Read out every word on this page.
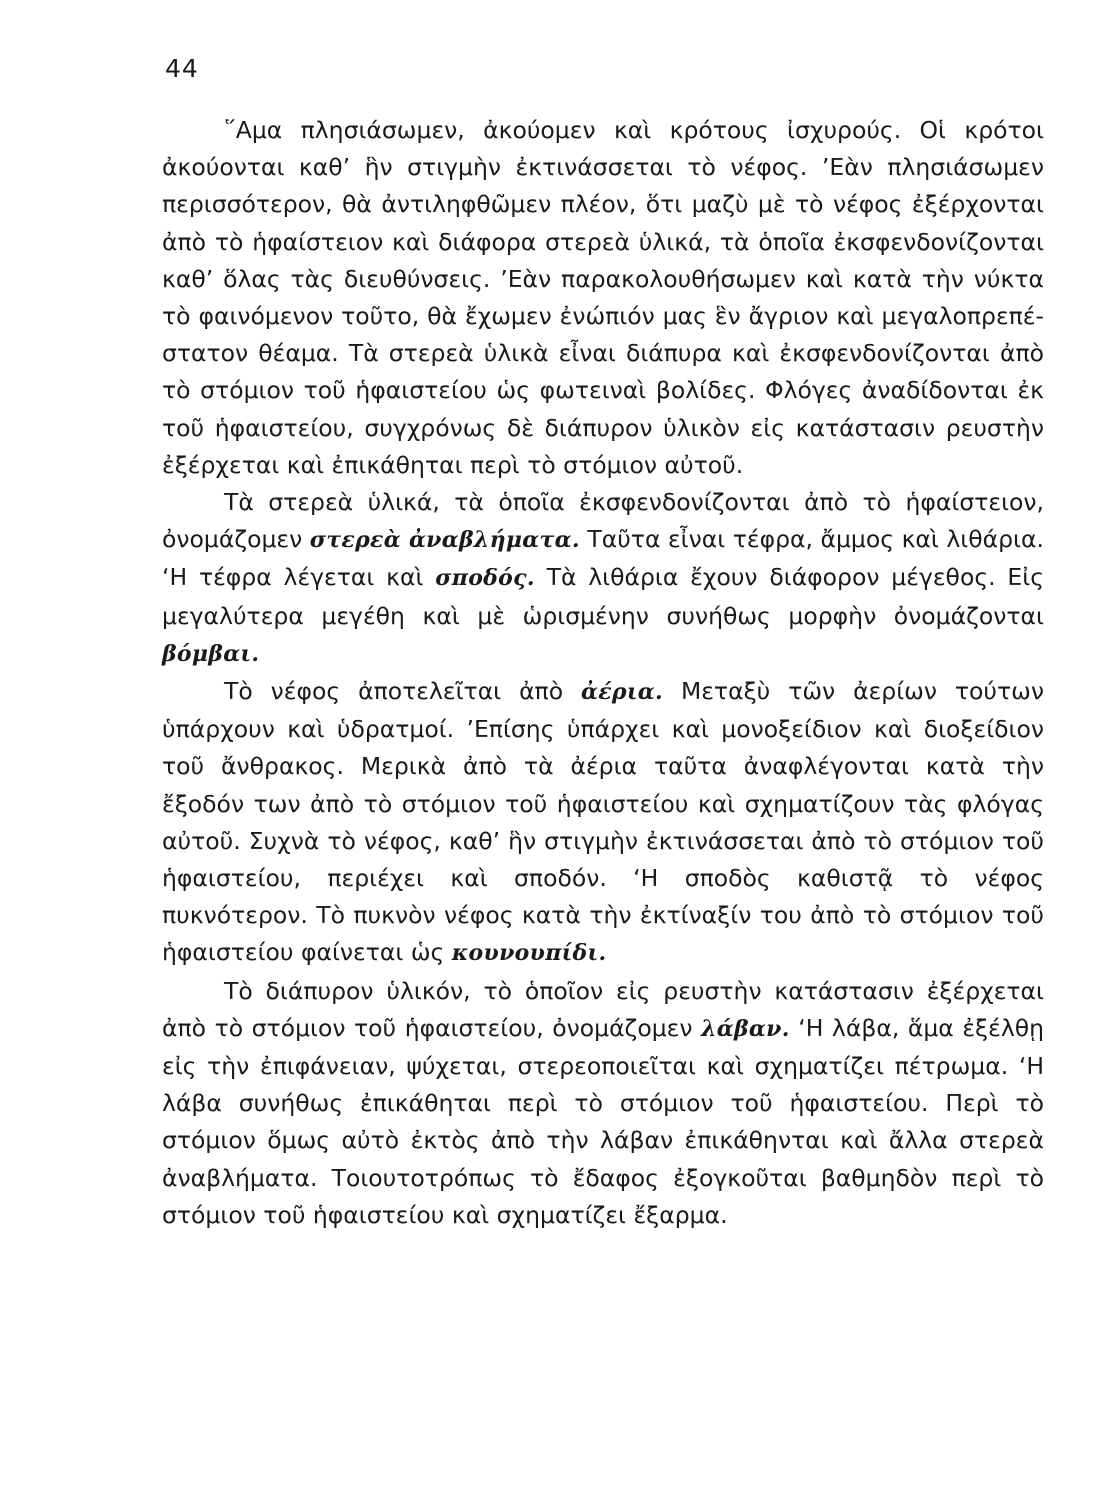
44

῞Αμα πλησιάσωμεν, ἀκούομεν καὶ κρότους ἰσχυρούς. Οἱ κρότοι ἀκούονται καθ’ ἣν στιγμὴν ἐκτινάσσεται τὸ νέφος. ’Εὰν πλησιάσωμεν περισσότερον, θὰ ἀντιληφθῶμεν πλέον, ὅτι μαζὺ μὲ τὸ νέφος ἐξέρχονται ἀπὸ τὸ ἡφαίστειον καὶ διάφορα στερεὰ ὑλικά, τὰ ὁποῖα ἐκσφενδονίζονται καθ’ ὅλας τὰς διευθύνσεις. ’Εὰν παρακολουθήσωμεν καὶ κατὰ τὴν νύκτα τὸ φαινόμενον τοῦτο, θὰ ἔχωμεν ἐνώπιόν μας ἓν ἄγριον καὶ μεγαλοπρεπέστατον θέαμα. Τὰ στερεὰ ὑλικὰ εἶναι διάπυρα καὶ ἐκσφενδονίζονται ἀπὸ τὸ στόμιον τοῦ ἡφαιστείου ὡς φωτειναὶ βολίδες. Φλόγες ἀναδίδονται ἐκ τοῦ ἡφαιστείου, συγχρόνως δὲ διάπυρον ὑλικὸν εἰς κατάστασιν ρευστὴν ἐξέρχεται καὶ ἐπικάθηται περὶ τὸ στόμιον αὐτοῦ.

Τὰ στερεὰ ὑλικά, τὰ ὁποῖα ἐκσφενδονίζονται ἀπὸ τὸ ἡφαίστειον, ὀνομάζομεν στερεὰ ἀναβλήματα. Ταῦτα εἶναι τέφρα, ἄμμος καὶ λιθάρια. ‘Η τέφρα λέγεται καὶ σποδός. Τὰ λιθάρια ἔχουν διάφορον μέγεθος. Εἰς μεγαλύτερα μεγέθη καὶ μὲ ὡρισμένην συνήθως μορφὴν ὀνομάζονται βόμβαι.

Τὸ νέφος ἀποτελεῖται ἀπὸ ἀέρια. Μεταξὺ τῶν ἀερίων τούτων ὑπάρχουν καὶ ὑδρατμοί. ’Επίσης ὑπάρχει καὶ μονοξείδιον καὶ διοξείδιον τοῦ ἄνθρακος. Μερικὰ ἀπὸ τὰ ἀέρια ταῦτα ἀναφλέγονται κατὰ τὴν ἔξοδόν των ἀπὸ τὸ στόμιον τοῦ ἡφαιστείου καὶ σχηματίζουν τὰς φλόγας αὐτοῦ. Συχνὰ τὸ νέφος, καθ’ ἣν στιγμὴν ἐκτινάσσεται ἀπὸ τὸ στόμιον τοῦ ἡφαιστείου, περιέχει καὶ σποδόν. ‘Η σποδὸς καθιστᾷ τὸ νέφος πυκνότερον. Τὸ πυκνὸν νέφος κατὰ τὴν ἐκτίναξίν του ἀπὸ τὸ στόμιον τοῦ ἡφαιστείου φαίνεται ὡς κουνουπίδι.

Τὸ διάπυρον ὑλικόν, τὸ ὁποῖον εἰς ρευστὴν κατάστασιν ἐξέρχεται ἀπὸ τὸ στόμιον τοῦ ἡφαιστείου, ὀνομάζομεν λάβαν. ‘Η λάβα, ἅμα ἐξέλθῃ εἰς τὴν ἐπιφάνειαν, ψύχεται, στερεοποιεῖται καὶ σχηματίζει πέτρωμα. ‘Η λάβα συνήθως ἐπικάθηται περὶ τὸ στόμιον τοῦ ἡφαιστείου. Περὶ τὸ στόμιον ὅμως αὐτὸ ἐκτὸς ἀπὸ τὴν λάβαν ἐπικάθηνται καὶ ἄλλα στερεὰ ἀναβλήματα. Τοιουτοτρόπως τὸ ἔδαφος ἐξογκοῦται βαθμηδὸν περὶ τὸ στόμιον τοῦ ἡφαιστείου καὶ σχηματίζει ἔξαρμα.
